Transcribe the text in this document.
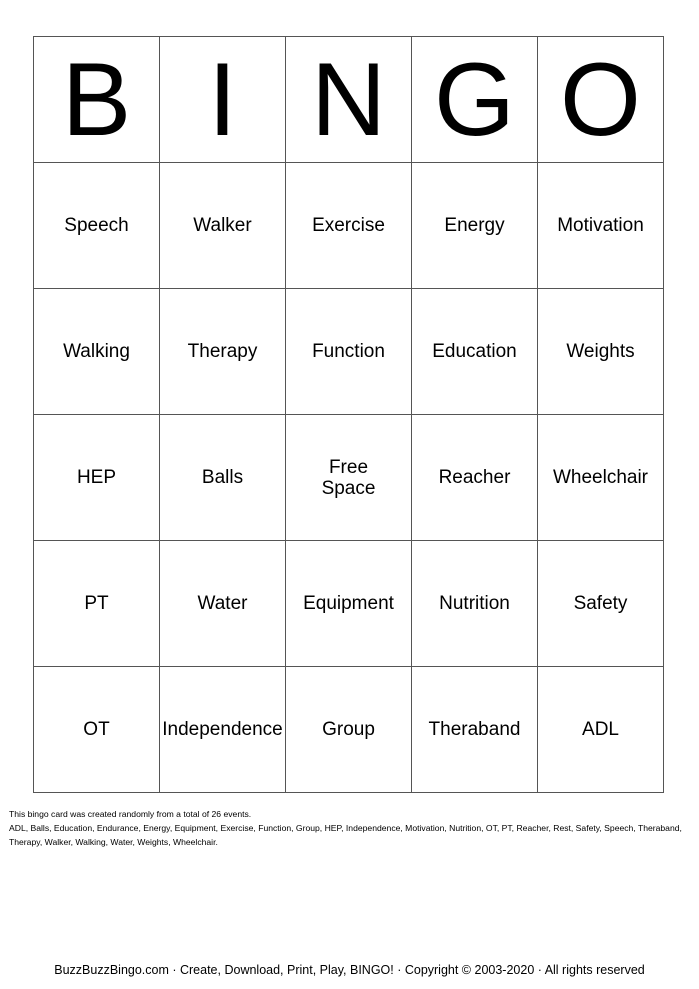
B	I	N	G	O
Speech	Walker	Exercise	Energy	Motivation
Walking	Therapy	Function	Education	Weights
HEP	Balls	Free Space	Reacher	Wheelchair
PT	Water	Equipment	Nutrition	Safety
OT	Independence	Group	Theraband	ADL

This bingo card was created randomly from a total of 26 events.

ADL, Balls, Education, Endurance, Energy, Equipment, Exercise, Function, Group, HEP, Independence, Motivation, Nutrition, OT, PT, Reacher, Rest, Safety, Speech, Theraband, Therapy, Walker, Walking, Water, Weights, Wheelchair.

BuzzBuzzBingo.com · Create, Download, Print, Play, BINGO! · Copyright © 2003-2020 · All rights reserved
